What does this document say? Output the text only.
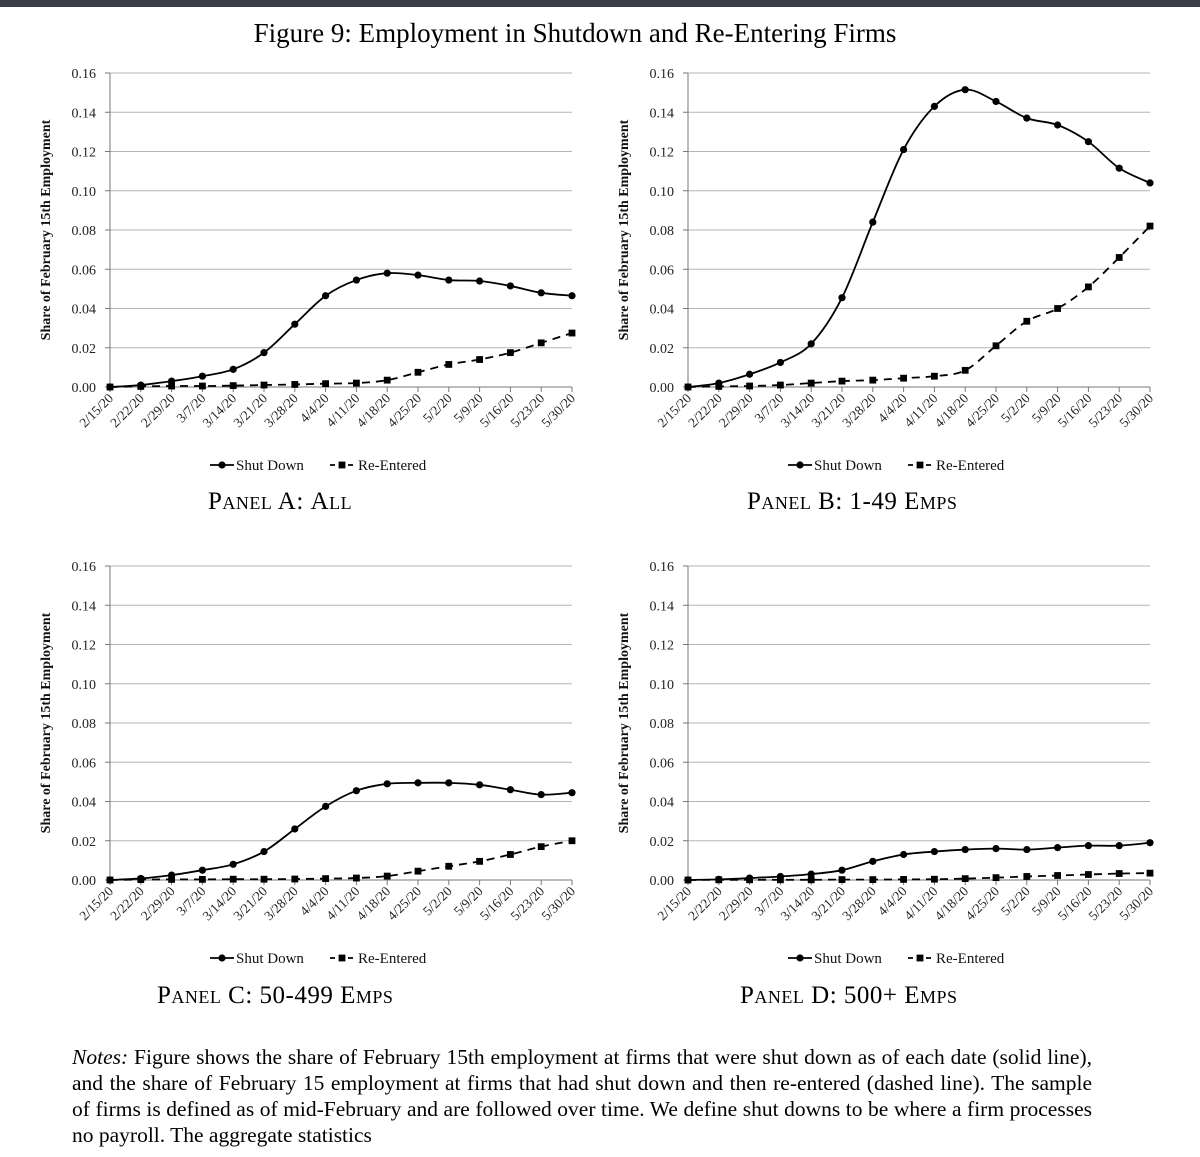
Figure 9: Employment in Shutdown and Re-Entering Firms
0.00
0.02
0.04
0.06
0.08
0.10
0.12
0.14
0.16
2/15/20
2/22/20
2/29/20
3/7/20
3/14/20
3/21/20
3/28/20
4/4/20
4/11/20
4/18/20
4/25/20
5/2/20
5/9/20
5/16/20
5/23/20
5/30/20
Share of February 15th Employment
Shut Down	Re-Entered
0.00
0.02
0.04
0.06
0.08
0.10
0.12
0.14
0.16
2/15/20
2/22/20
2/29/20
3/7/20
3/14/20
3/21/20
3/28/20
4/4/20
4/11/20
4/18/20
4/25/20
5/2/20
5/9/20
5/16/20
5/23/20
5/30/20
Share of February 15th Employment
Shut Down	Re-Entered
0.00
0.02
0.04
0.06
0.08
0.10
0.12
0.14
0.16
2/15/20
2/22/20
2/29/20
3/7/20
3/14/20
3/21/20
3/28/20
4/4/20
4/11/20
4/18/20
4/25/20
5/2/20
5/9/20
5/16/20
5/23/20
5/30/20
Share of February 15th Employment
Shut Down	Re-Entered
0.00
0.02
0.04
0.06
0.08
0.10
0.12
0.14
0.16
2/15/20
2/22/20
2/29/20
3/7/20
3/14/20
3/21/20
3/28/20
4/4/20
4/11/20
4/18/20
4/25/20
5/2/20
5/9/20
5/16/20
5/23/20
5/30/20
Share of February 15th Employment
Shut Down	Re-Entered
Panel A: All	Panel B: 1-49 Emps
Panel C: 50-499 Emps	Panel D: 500+ Emps
Notes: Figure shows the share of February 15th employment at firms that were shut down as of each date (solid line), and the share of February 15 employment at firms that had shut down and then re-entered (dashed line). The sample of firms is defined as of mid-February and are followed over time. We define shut downs to be where a firm processes no payroll. The aggregate statistics
